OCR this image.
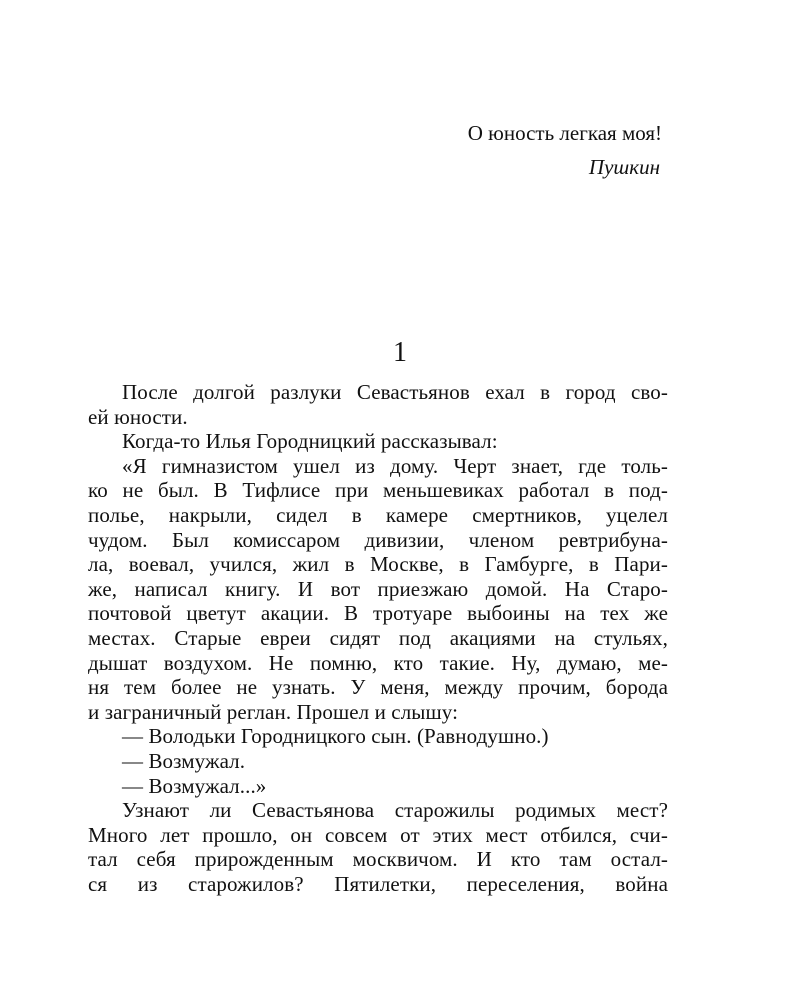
О юность легкая моя!
Пушкин
1
После долгой разлуки Севастьянов ехал в город сво-
ей юности.
Когда-то Илья Городницкий рассказывал:
«Я гимназистом ушел из дому. Черт знает, где толь-
ко не был. В Тифлисе при меньшевиках работал в под-
полье, накрыли, сидел в камере смертников, уцелел
чудом. Был комиссаром дивизии, членом ревтрибуна-
ла, воевал, учился, жил в Москве, в Гамбурге, в Пари-
же, написал книгу. И вот приезжаю домой. На Старо-
почтовой цветут акации. В тротуаре выбоины на тех же
местах. Старые евреи сидят под акациями на стульях,
дышат воздухом. Не помню, кто такие. Ну, думаю, ме-
ня тем более не узнать. У меня, между прочим, борода
и заграничный реглан. Прошел и слышу:
— Володьки Городницкого сын. (Равнодушно.)
— Возмужал.
— Возмужал...»
Узнают ли Севастьянова старожилы родимых мест?
Много лет прошло, он совсем от этих мест отбился, счи-
тал себя прирожденным москвичом. И кто там остал-
ся из старожилов? Пятилетки, переселения, война
